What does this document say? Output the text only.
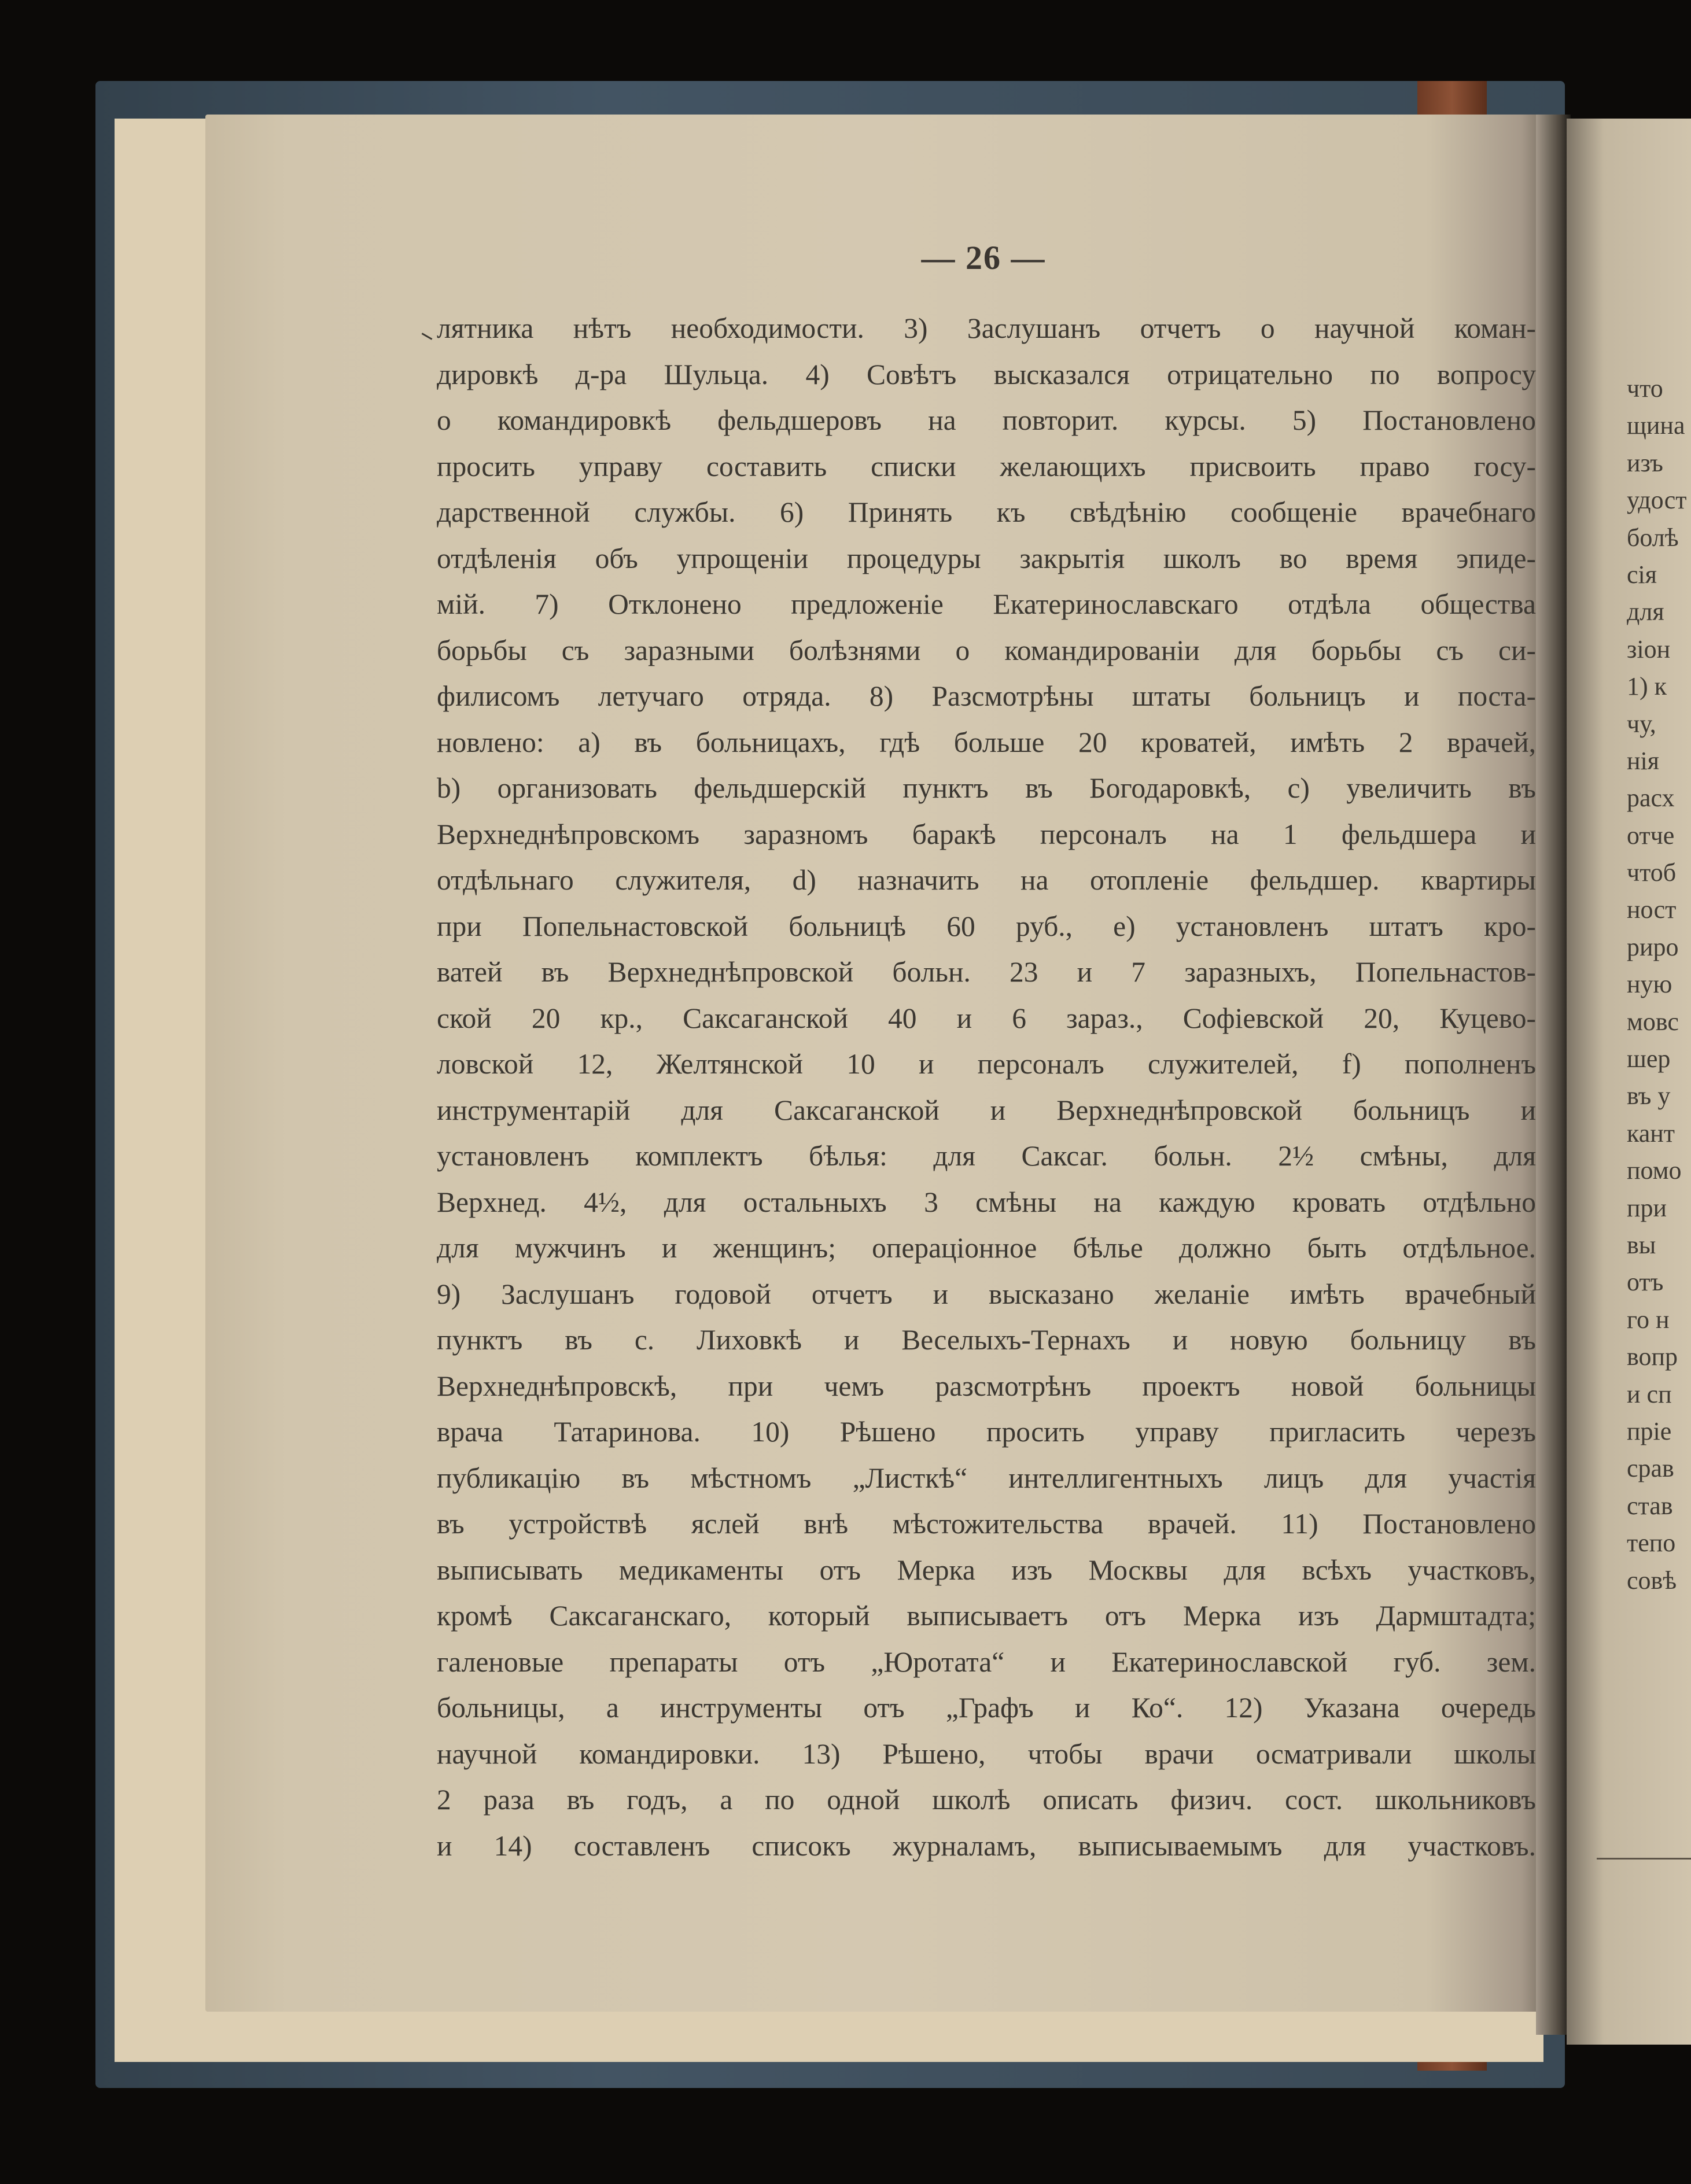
— 26 —
лятника нѣтъ необходимости. 3) Заслушанъ отчетъ о научной коман-
дировкѣ д-ра Шульца. 4) Совѣтъ высказался отрицательно по вопросу
о командировкѣ фельдшеровъ на повторит. курсы. 5) Постановлено
просить управу составить списки желающихъ присвоить право госу-
дарственной службы. 6) Принять къ свѣдѣнію сообщеніе врачебнаго
отдѣленія объ упрощеніи процедуры закрытія школъ во время эпиде-
мій. 7) Отклонено предложеніе Екатеринославскаго отдѣла общества
борьбы съ заразными болѣзнями о командированіи для борьбы съ си-
филисомъ летучаго отряда. 8) Разсмотрѣны штаты больницъ и поста-
новлено: a) въ больницахъ, гдѣ больше 20 кроватей, имѣть 2 врачей,
b) организовать фельдшерскій пунктъ въ Богодаровкѣ, c) увеличить въ
Верхнеднѣпровскомъ заразномъ баракѣ персоналъ на 1 фельдшера и
отдѣльнаго служителя, d) назначить на отопленіе фельдшер. квартиры
при Попельнастовской больницѣ 60 руб., e) установленъ штатъ кро-
ватей въ Верхнеднѣпровской больн. 23 и 7 заразныхъ, Попельнастов-
ской 20 кр., Саксаганской 40 и 6 зараз., Софіевской 20, Куцево-
ловской 12, Желтянской 10 и персоналъ служителей, f) пополненъ
инструментарій для Саксаганской и Верхнеднѣпровской больницъ и
установленъ комплектъ бѣлья: для Саксаг. больн. 2½ смѣны, для
Верхнед. 4½, для остальныхъ 3 смѣны на каждую кровать отдѣльно
для мужчинъ и женщинъ; операціонное бѣлье должно быть отдѣльное.
9) Заслушанъ годовой отчетъ и высказано желаніе имѣть врачебный
пунктъ въ с. Лиховкѣ и Веселыхъ-Тернахъ и новую больницу въ
Верхнеднѣпровскѣ, при чемъ разсмотрѣнъ проектъ новой больницы
врача Татаринова. 10) Рѣшено просить управу пригласить черезъ
публикацію въ мѣстномъ „Листкѣ“ интеллигентныхъ лицъ для участія
въ устройствѣ яслей внѣ мѣстожительства врачей. 11) Постановлено
выписывать медикаменты отъ Мерка изъ Москвы для всѣхъ участковъ,
кромѣ Саксаганскаго, который выписываетъ отъ Мерка изъ Дармштадта;
галеновые препараты отъ „Юротата“ и Екатеринославской губ. зем.
больницы, а инструменты отъ „Графъ и Ко“. 12) Указана очередь
научной командировки. 13) Рѣшено, чтобы врачи осматривали школы
2 раза въ годъ, а по одной школѣ описать физич. сост. школьниковъ
и 14) составленъ списокъ журналамъ, выписываемымъ для участковъ.
что
щина
изъ
удост
болѣ
сія
для
зіон
1) к
чу,
нія
расх
отче
чтоб
ност
риро
ную
мовс
шер
въ у
кант
помо
при
вы
отъ
го н
вопр
и сп
пріе
срав
став
тепо
совѣ
